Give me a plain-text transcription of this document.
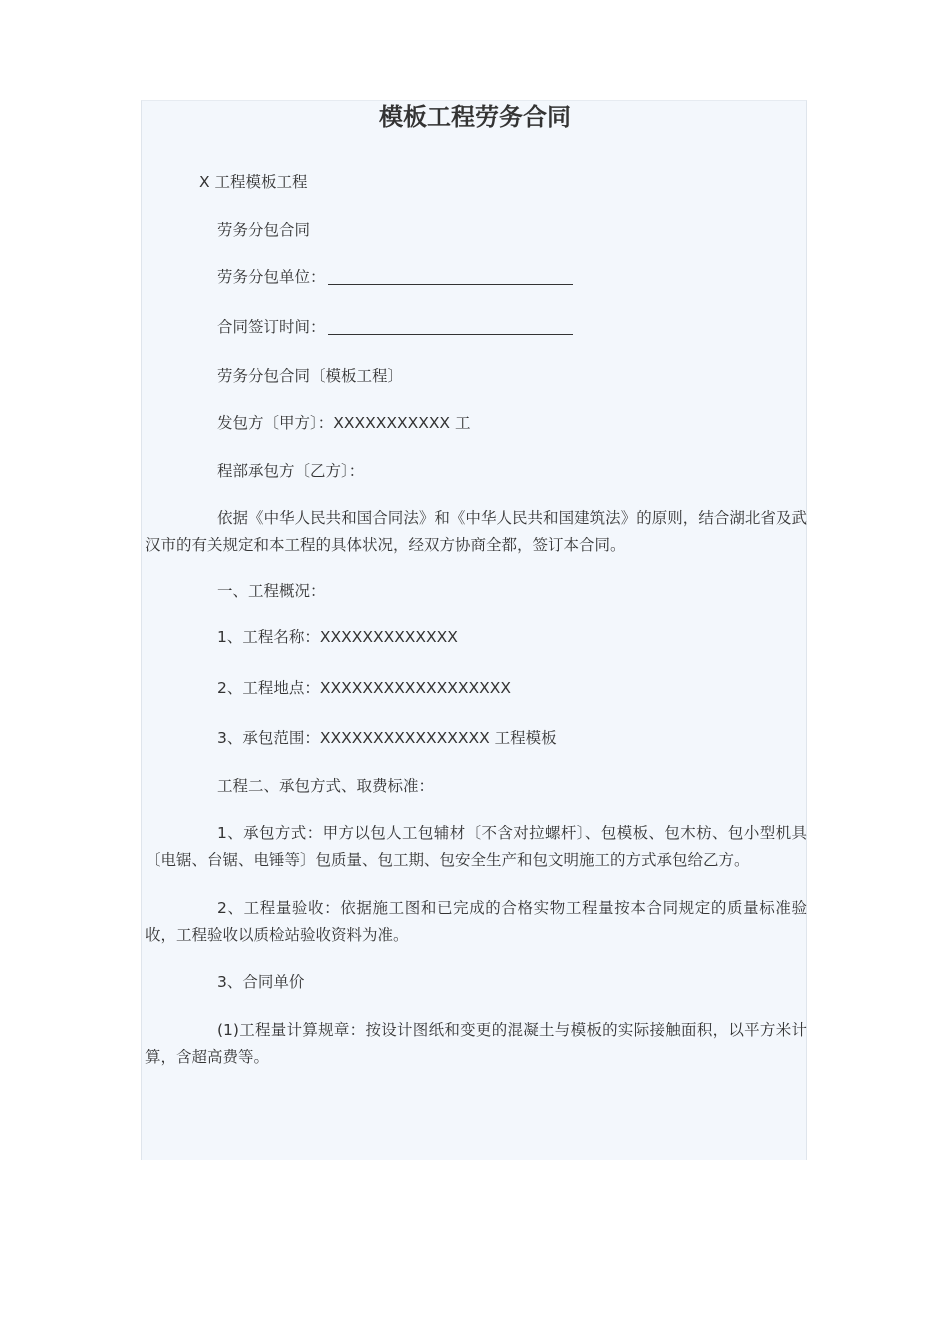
模板工程劳务合同
X 工程模板工程
劳务分包合同
劳务分包单位：
合同签订时间：
劳务分包合同〔模板工程〕
发包方〔甲方〕：XXXXXXXXXXX 工
程部承包方〔乙方〕：

依据《中华人民共和国合同法》和《中华人民共和国建筑法》的原则，结合湖北省及武汉市的有关规定和本工程的具体状况，经双方协商全都，签订本合同。

一、工程概况：
1、工程名称：XXXXXXXXXXXXX
2、工程地点：XXXXXXXXXXXXXXXXXX
3、承包范围：XXXXXXXXXXXXXXXX 工程模板
工程二、承包方式、取费标准：

1、承包方式：甲方以包人工包辅材〔不含对拉螺杆〕、包模板、包木枋、包小型机具〔电锯、台锯、电锤等〕包质量、包工期、包安全生产和包文明施工的方式承包给乙方。

2、工程量验收：依据施工图和已完成的合格实物工程量按本合同规定的质量标准验收，工程验收以质检站验收资料为准。

3、合同单价

(1)工程量计算规章：按设计图纸和变更的混凝土与模板的实际接触面积，以平方米计算，含超高费等。
